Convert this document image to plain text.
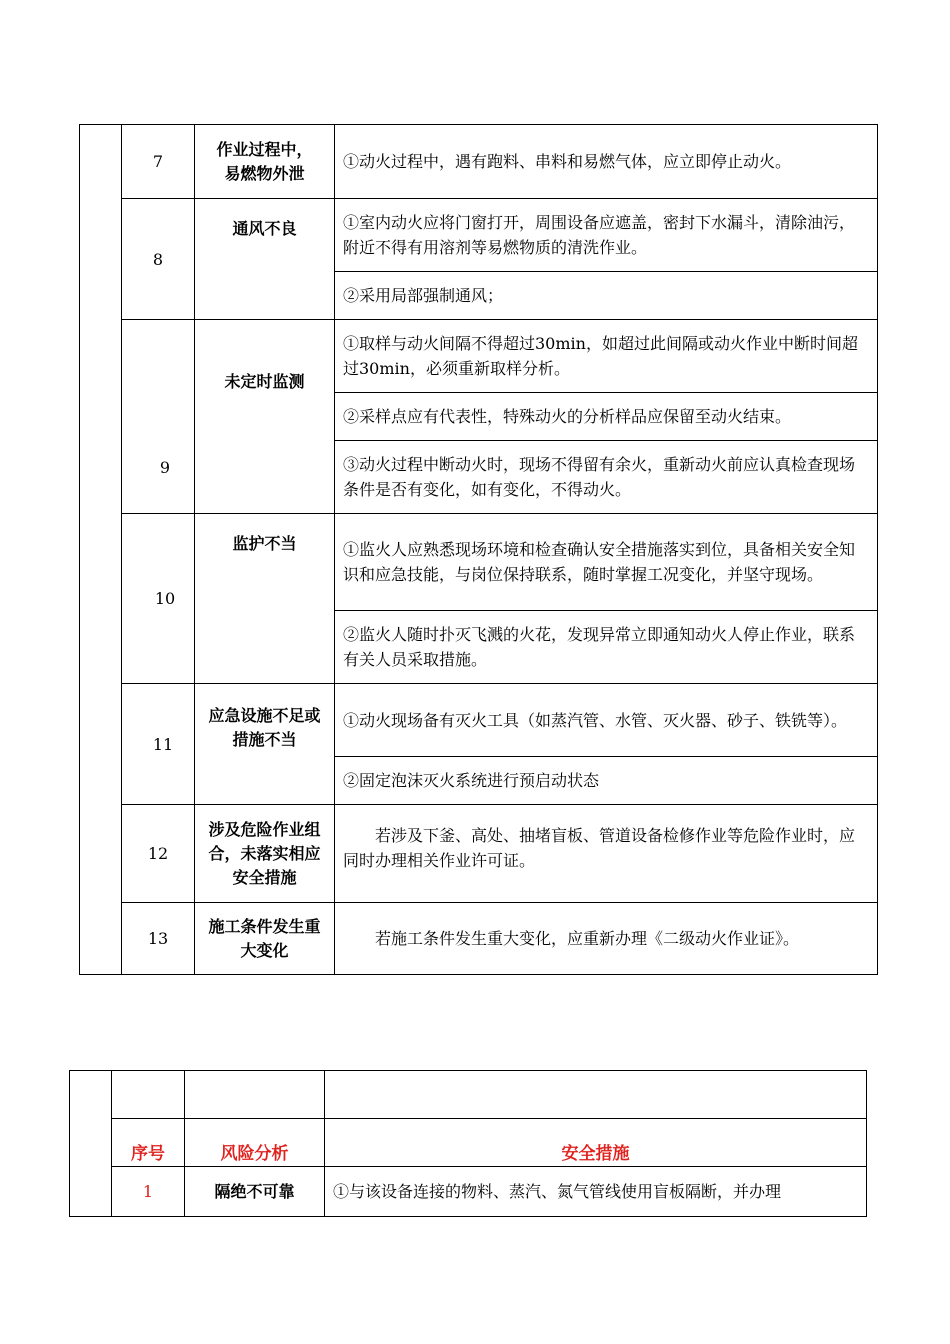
	7	作业过程中，易燃物外泄	①动火过程中，遇有跑料、串料和易燃气体，应立即停止动火。
	8	通风不良	①室内动火应将门窗打开，周围设备应遮盖，密封下水漏斗，清除油污，附近不得有用溶剂等易燃物质的清洗作业。
			②采用局部强制通风；
	9	未定时监测	①取样与动火间隔不得超过30min，如超过此间隔或动火作业中断时间超过30min，必须重新取样分析。
			②采样点应有代表性，特殊动火的分析样品应保留至动火结束。
			③动火过程中断动火时，现场不得留有余火，重新动火前应认真检查现场条件是否有变化，如有变化，不得动火。
	10	监护不当	①监火人应熟悉现场环境和检查确认安全措施落实到位，具备相关安全知识和应急技能，与岗位保持联系，随时掌握工况变化，并坚守现场。
			②监火人随时扑灭飞溅的火花，发现异常立即通知动火人停止作业，联系有关人员采取措施。
	11	应急设施不足或措施不当	①动火现场备有灭火工具（如蒸汽管、水管、灭火器、砂子、铁铣等）。
			②固定泡沫灭火系统进行预启动状态
	12	涉及危险作业组合，未落实相应安全措施	若涉及下釜、高处、抽堵盲板、管道设备检修作业等危险作业时，应同时办理相关作业许可证。
	13	施工条件发生重大变化	若施工条件发生重大变化，应重新办理《二级动火作业证》。

	序号	风险分析	安全措施
	1	隔绝不可靠	①与该设备连接的物料、蒸汽、氮气管线使用盲板隔断，并办理
